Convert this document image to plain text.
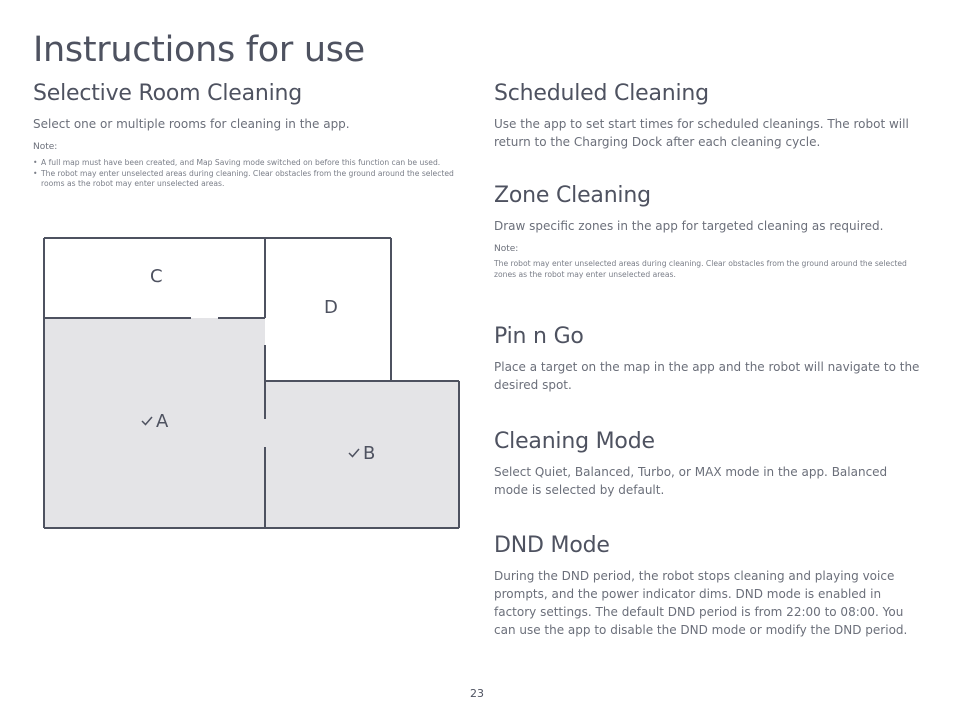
Instructions for use
Selective Room Cleaning

Select one or multiple rooms for cleaning in the app.

Note:
• A full map must have been created, and Map Saving mode switched on before this function can be used.
• The robot may enter unselected areas during cleaning. Clear obstacles from the ground around the selected rooms as the robot may enter unselected areas.
C
D
A
B
Scheduled Cleaning

Use the app to set start times for scheduled cleanings. The robot will return to the Charging Dock after each cleaning cycle.

Zone Cleaning

Draw specific zones in the app for targeted cleaning as required.

Note:

The robot may enter unselected areas during cleaning. Clear obstacles from the ground around the selected zones as the robot may enter unselected areas.

Pin n Go

Place a target on the map in the app and the robot will navigate to the desired spot.

Cleaning Mode

Select Quiet, Balanced, Turbo, or MAX mode in the app. Balanced mode is selected by default.

DND Mode

During the DND period, the robot stops cleaning and playing voice prompts, and the power indicator dims. DND mode is enabled in factory settings. The default DND period is from 22:00 to 08:00. You can use the app to disable the DND mode or modify the DND period.

23
